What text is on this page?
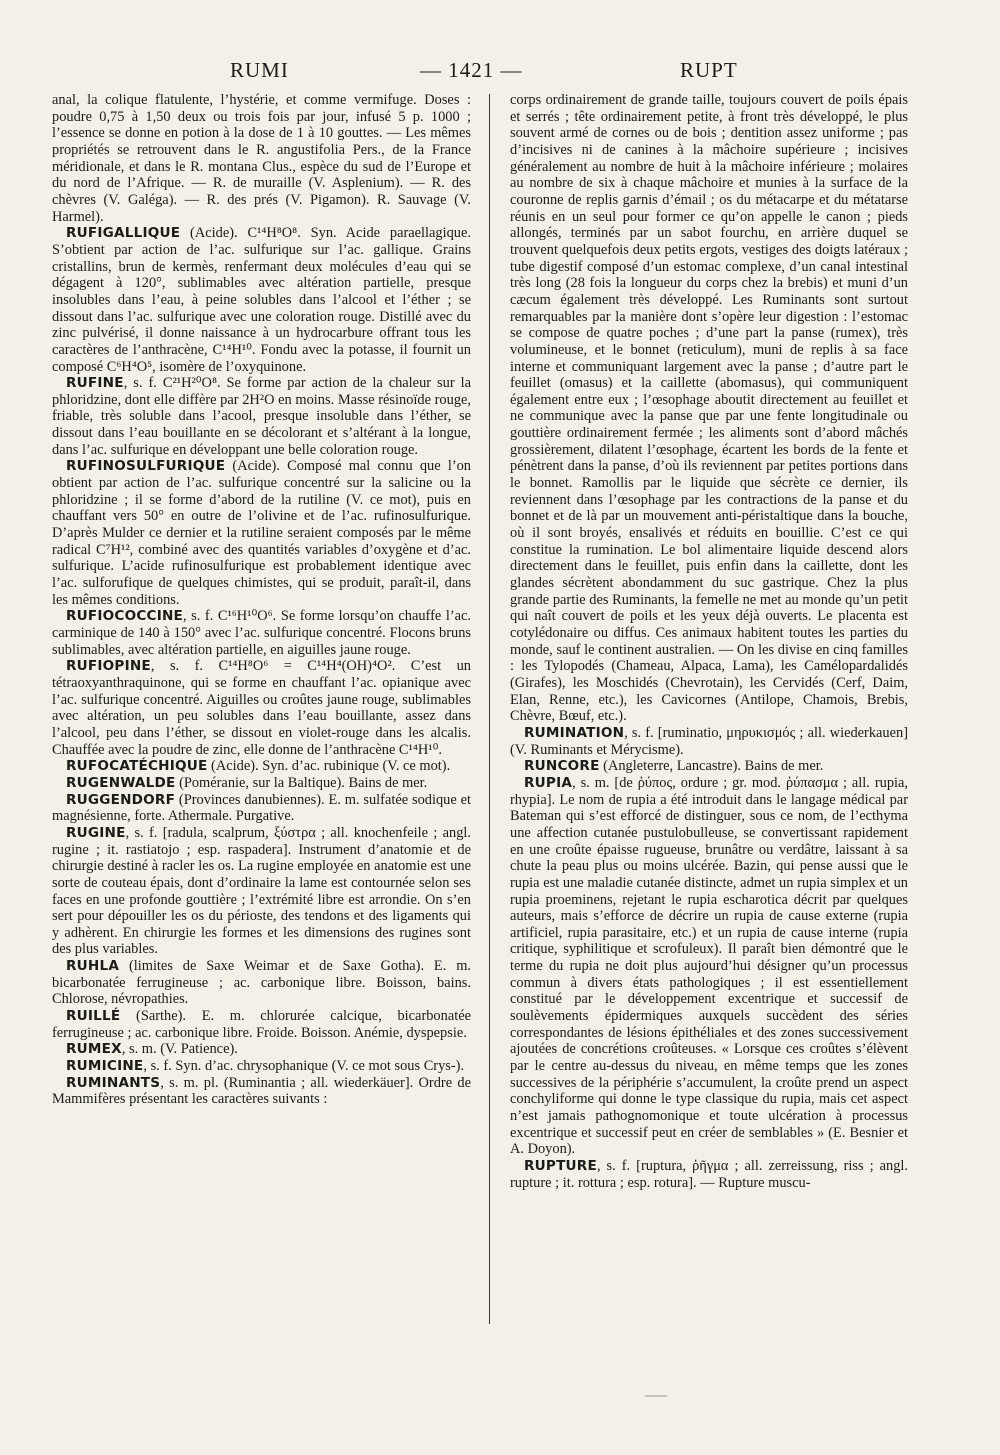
RUMI	— 1421 —	RUPT

anal, la colique flatulente, l’hystérie, et comme vermifuge. Doses : poudre 0,75 à 1,50 deux ou trois fois par jour, infusé 5 p. 1000 ; l’essence se donne en potion à la dose de 1 à 10 gouttes. — Les mêmes propriétés se retrouvent dans le R. angustifolia Pers., de la France méridionale, et dans le R. montana Clus., espèce du sud de l’Europe et du nord de l’Afrique. — R. de muraille (V. Asplenium). — R. des chèvres (V. Galéga). — R. des prés (V. Pigamon). R. Sauvage (V. Harmel).

RUFIGALLIQUE (Acide). C¹⁴H⁸O⁸. Syn. Acide paraellagique. S’obtient par action de l’ac. sulfurique sur l’ac. gallique. Grains cristallins, brun de kermès, renfermant deux molécules d’eau qui se dégagent à 120°, sublimables avec altération partielle, presque insolubles dans l’eau, à peine solubles dans l’alcool et l’éther ; se dissout dans l’ac. sulfurique avec une coloration rouge. Distillé avec du zinc pulvérisé, il donne naissance à un hydrocarbure offrant tous les caractères de l’anthracène, C¹⁴H¹⁰. Fondu avec la potasse, il fournit un composé C⁶H⁴O⁵, isomère de l’oxyquinone.

RUFINE, s. f. C²¹H²⁰O⁸. Se forme par action de la chaleur sur la phloridzine, dont elle diffère par 2H²O en moins. Masse résinoïde rouge, friable, très soluble dans l’acool, presque insoluble dans l’éther, se dissout dans l’eau bouillante en se décolorant et s’altérant à la longue, dans l’ac. sulfurique en développant une belle coloration rouge.

RUFINOSULFURIQUE (Acide). Composé mal connu que l’on obtient par action de l’ac. sulfurique concentré sur la salicine ou la phloridzine ; il se forme d’abord de la rutiline (V. ce mot), puis en chauffant vers 50° en outre de l’olivine et de l’ac. rufinosulfurique. D’après Mulder ce dernier et la rutiline seraient composés par le même radical C⁷H¹², combiné avec des quantités variables d’oxygène et d’ac. sulfurique. L’acide rufinosulfurique est probablement identique avec l’ac. sulforufique de quelques chimistes, qui se produit, paraît-il, dans les mêmes conditions.

RUFIOCOCCINE, s. f. C¹⁶H¹⁰O⁶. Se forme lorsqu’on chauffe l’ac. carminique de 140 à 150° avec l’ac. sulfurique concentré. Flocons bruns sublimables, avec altération partielle, en aiguilles jaune rouge.

RUFIOPINE, s. f. C¹⁴H⁸O⁶ = C¹⁴H⁴(OH)⁴O². C’est un tétraoxyanthraquinone, qui se forme en chauffant l’ac. opianique avec l’ac. sulfurique concentré. Aiguilles ou croûtes jaune rouge, sublimables avec altération, un peu solubles dans l’eau bouillante, assez dans l’alcool, peu dans l’éther, se dissout en violet-rouge dans les alcalis. Chauffée avec la poudre de zinc, elle donne de l’anthracène C¹⁴H¹⁰.

RUFOCATÉCHIQUE (Acide). Syn. d’ac. rubinique (V. ce mot).

RUGENWALDE (Poméranie, sur la Baltique). Bains de mer.

RUGGENDORF (Provinces danubiennes). E. m. sulfatée sodique et magnésienne, forte. Athermale. Purgative.

RUGINE, s. f. [radula, scalprum, ξύστρα ; all. knochenfeile ; angl. rugine ; it. rastiatojo ; esp. raspadera]. Instrument d’anatomie et de chirurgie destiné à racler les os. La rugine employée en anatomie est une sorte de couteau épais, dont d’ordinaire la lame est contournée selon ses faces en une profonde gouttière ; l’extrémité libre est arrondie. On s’en sert pour dépouiller les os du périoste, des tendons et des ligaments qui y adhèrent. En chirurgie les formes et les dimensions des rugines sont des plus variables.

RUHLA (limites de Saxe Weimar et de Saxe Gotha). E. m. bicarbonatée ferrugineuse ; ac. carbonique libre. Boisson, bains. Chlorose, névropathies.

RUILLÉ (Sarthe). E. m. chlorurée calcique, bicarbonatée ferrugineuse ; ac. carbonique libre. Froide. Boisson. Anémie, dyspepsie.

RUMEX, s. m. (V. Patience).

RUMICINE, s. f. Syn. d’ac. chrysophanique (V. ce mot sous Crys-).

RUMINANTS, s. m. pl. (Ruminantia ; all. wiederkäuer]. Ordre de Mammifères présentant les caractères suivants :

corps ordinairement de grande taille, toujours couvert de poils épais et serrés ; tête ordinairement petite, à front très développé, le plus souvent armé de cornes ou de bois ; dentition assez uniforme ; pas d’incisives ni de canines à la mâchoire supérieure ; incisives généralement au nombre de huit à la mâchoire inférieure ; molaires au nombre de six à chaque mâchoire et munies à la surface de la couronne de replis garnis d’émail ; os du métacarpe et du métatarse réunis en un seul pour former ce qu’on appelle le canon ; pieds allongés, terminés par un sabot fourchu, en arrière duquel se trouvent quelquefois deux petits ergots, vestiges des doigts latéraux ; tube digestif composé d’un estomac complexe, d’un canal intestinal très long (28 fois la longueur du corps chez la brebis) et muni d’un cæcum également très développé. Les Ruminants sont surtout remarquables par la manière dont s’opère leur digestion : l’estomac se compose de quatre poches ; d’une part la panse (rumex), très volumineuse, et le bonnet (reticulum), muni de replis à sa face interne et communiquant largement avec la panse ; d’autre part le feuillet (omasus) et la caillette (abomasus), qui communiquent également entre eux ; l’œsophage aboutit directement au feuillet et ne communique avec la panse que par une fente longitudinale ou gouttière ordinairement fermée ; les aliments sont d’abord mâchés grossièrement, dilatent l’œsophage, écartent les bords de la fente et pénètrent dans la panse, d’où ils reviennent par petites portions dans le bonnet. Ramollis par le liquide que sécrète ce dernier, ils reviennent dans l’œsophage par les contractions de la panse et du bonnet et de là par un mouvement anti-péristaltique dans la bouche, où il sont broyés, ensalivés et réduits en bouillie. C’est ce qui constitue la rumination. Le bol alimentaire liquide descend alors directement dans le feuillet, puis enfin dans la caillette, dont les glandes sécrètent abondamment du suc gastrique. Chez la plus grande partie des Ruminants, la femelle ne met au monde qu’un petit qui naît couvert de poils et les yeux déjà ouverts. Le placenta est cotylédonaire ou diffus. Ces animaux habitent toutes les parties du monde, sauf le continent australien. — On les divise en cinq familles : les Tylopodés (Chameau, Alpaca, Lama), les Camélopardalidés (Girafes), les Moschidés (Chevrotain), les Cervidés (Cerf, Daim, Elan, Renne, etc.), les Cavicornes (Antilope, Chamois, Brebis, Chèvre, Bœuf, etc.).

RUMINATION, s. f. [ruminatio, μηρυκισμός ; all. wiederkauen] (V. Ruminants et Mérycisme).

RUNCORE (Angleterre, Lancastre). Bains de mer.

RUPIA, s. m. [de ῥύπος, ordure ; gr. mod. ῥύπασμα ; all. rupia, rhypia]. Le nom de rupia a été introduit dans le langage médical par Bateman qui s’est efforcé de distinguer, sous ce nom, de l’ecthyma une affection cutanée pustulobulleuse, se convertissant rapidement en une croûte épaisse rugueuse, brunâtre ou verdâtre, laissant à sa chute la peau plus ou moins ulcérée. Bazin, qui pense aussi que le rupia est une maladie cutanée distincte, admet un rupia simplex et un rupia proeminens, rejetant le rupia escharotica décrit par quelques auteurs, mais s’efforce de décrire un rupia de cause externe (rupia artificiel, rupia parasitaire, etc.) et un rupia de cause interne (rupia critique, syphilitique et scrofuleux). Il paraît bien démontré que le terme du rupia ne doit plus aujourd’hui désigner qu’un processus commun à divers états pathologiques ; il est essentiellement constitué par le développement excentrique et successif de soulèvements épidermiques auxquels succèdent des séries correspondantes de lésions épithéliales et des zones successivement ajoutées de concrétions croûteuses. « Lorsque ces croûtes s’élèvent par le centre au-dessus du niveau, en même temps que les zones successives de la périphérie s’accumulent, la croûte prend un aspect conchyliforme qui donne le type classique du rupia, mais cet aspect n’est jamais pathognomonique et toute ulcération à processus excentrique et successif peut en créer de semblables » (E. Besnier et A. Doyon).

RUPTURE, s. f. [ruptura, ῥῆγμα ; all. zerreissung, riss ; angl. rupture ; it. rottura ; esp. rotura]. — Rupture muscu-
